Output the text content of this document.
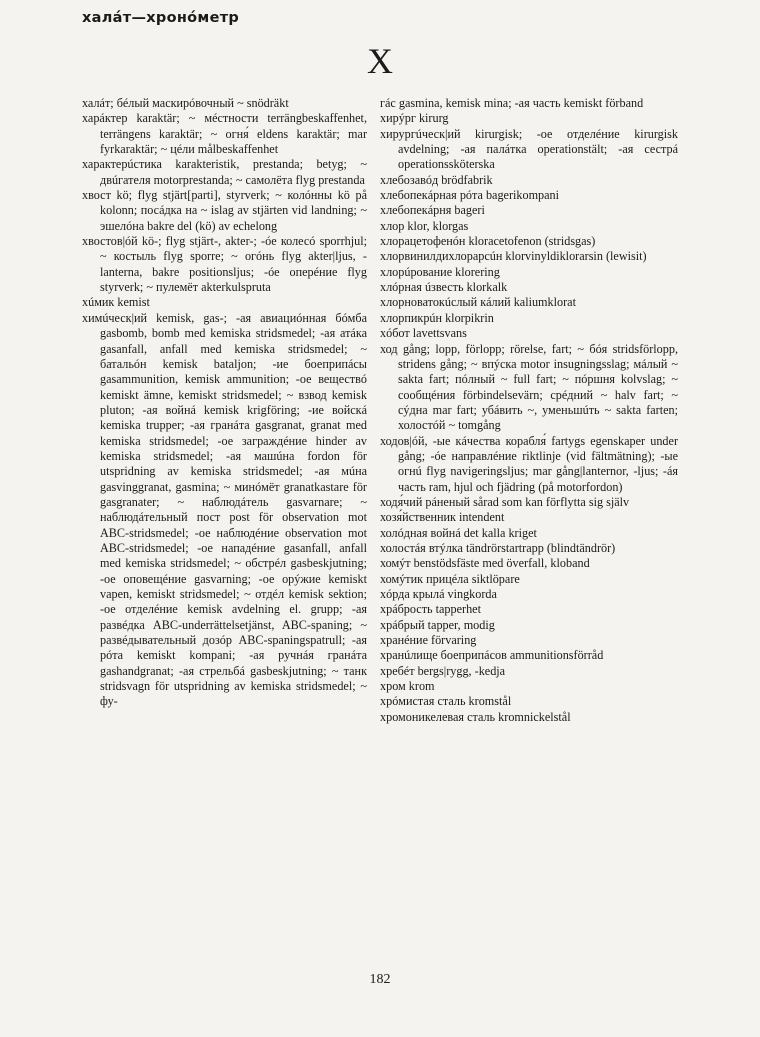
халáт—хронóметр
X

халáт; бéлый маскирóвочный ~ snödräkt

харáктер karaktär; ~ мéстности terrängbeskaffenhet, terrängens karaktär; ~ огня́ eldens karaktär; mar fyrkaraktär; ~ цéли målbeskaffenhet

характерúстика karakteristik, prestanda; betyg; ~ двúгателя motorprestanda; ~ самолёта flyg prestanda

хвост kö; flyg stjärt[parti], styrverk; ~ колóнны kö på kolonn; посáдка на ~ islag av stjärten vid landning; ~ эшелóна bakre del (kö) av echelong

хвостов|óй kö-; flyg stjärt-, akter-; -óе колесó sporrhjul; ~ костыль flyg sporre; ~ огóнь flyg akter|ljus, -lanterna, bakre positionsljus; -óе оперéние flyg styrverk; ~ пулемёт akterkulspruta

хúмик kemist

химúческ|ий kemisk, gas-; -ая авиациóнная бóмба gasbomb, bomb med kemiska stridsmedel; -ая атáка gasanfall, anfall med kemiska stridsmedel; ~ батальóн kemisk bataljon; -ие боеприпáсы gasammunition, kemisk ammunition; -ое веществó kemiskt ämne, kemiskt stridsmedel; ~ взвод kemisk pluton; -ая войнá kemisk krigföring; -ие войскá kemiska trupper; -ая гранáта gasgranat, granat med kemiska stridsmedel; -ое заграждéние hinder av kemiska stridsmedel; -ая машúна fordon för utspridning av kemiska stridsmedel; -ая мúна gasvinggranat, gasmina; ~ минóмёт granatkastare för gasgranater; ~ наблюдáтель gasvarnare; ~ наблюдáтельный пост post för observation mot ABC-stridsmedel; -ое наблюдéние observation mot ABC-stridsmedel; -ое нападéние gasanfall, anfall med kemiska stridsmedel; ~ обстрéл gasbeskjutning; -ое оповещéние gasvarning; -ое орýжие kemiskt vapen, kemiskt stridsmedel; ~ отдéл kemisk sektion; -ое отделéние kemisk avdelning el. grupp; -ая развéдка ABC-underrättelsetjänst, ABC-spaning; ~ развéдывательный дозóр ABC-spaningspatrull; -ая рóта kemiskt kompani; -ая ручнáя гранáта gashandgranat; -ая стрельбá gasbeskjutning; ~ танк stridsvagn för utspridning av kemiska stridsmedel; ~ фу-

гáс gasmina, kemisk mina; -ая часть kemiskt förband

хирýрг kirurg

хирургúческ|ий kirurgisk; -ое отделéние kirurgisk avdelning; -ая палáтка operationstält; -ая сестрá operationssköterska

хлебозавóд brödfabrik

хлебопекáрная рóта bagerikompani

хлебопекáрня bageri

хлор klor, klorgas

хлорацетофенóн kloracetofenon (stridsgas)

хлорвинилдихлорарсúн klorvinyldiklorarsin (lewisit)

хлорúрование klorering

хлóрная úзвесть klorkalk

хлорноватокúслый кáлий kaliumklorat

хлорпикрúн klorpikrin

хóбот lavettsvans

ход gång; lopp, förlopp; rörelse, fart; ~ бóя stridsförlopp, stridens gång; ~ впýска motor insugningsslag; мáлый ~ sakta fart; пóлный ~ full fart; ~ пóршня kolvslag; ~ сообщéния förbindelsevärn; срéдний ~ halv fart; ~ сýдна mar fart; убáвить ~, уменьшúть ~ sakta farten; холостóй ~ tomgång

ходов|óй, -ые кáчества корабля́ fartygs egenskaper under gång; -óе направлéние riktlinje (vid fältmätning); -ые огнú flyg navigeringsljus; mar gång|lanternor, -ljus; -áя часть ram, hjul och fjädring (på motorfordon)

ходя́чий рáненый sårad som kan förflytta sig själv

хозя́йственник intendent

холóдная войнá det kalla kriget

холостáя втýлка tändrörstartrapp (blindtändrör)

хомýт benstödsfäste med överfall, kloband

хомýтик прицéла siktlöpare

хóрда крылá vingkorda

хрáбрость tapperhet

хрáбрый tapper, modig

хранéние förvaring

хранúлище боеприпáсов ammunitionsförråd

хребéт bergs|rygg, -kedja

хром krom

хрóмистая сталь kromstål

хромоникелевая сталь kromnickelstål

182
